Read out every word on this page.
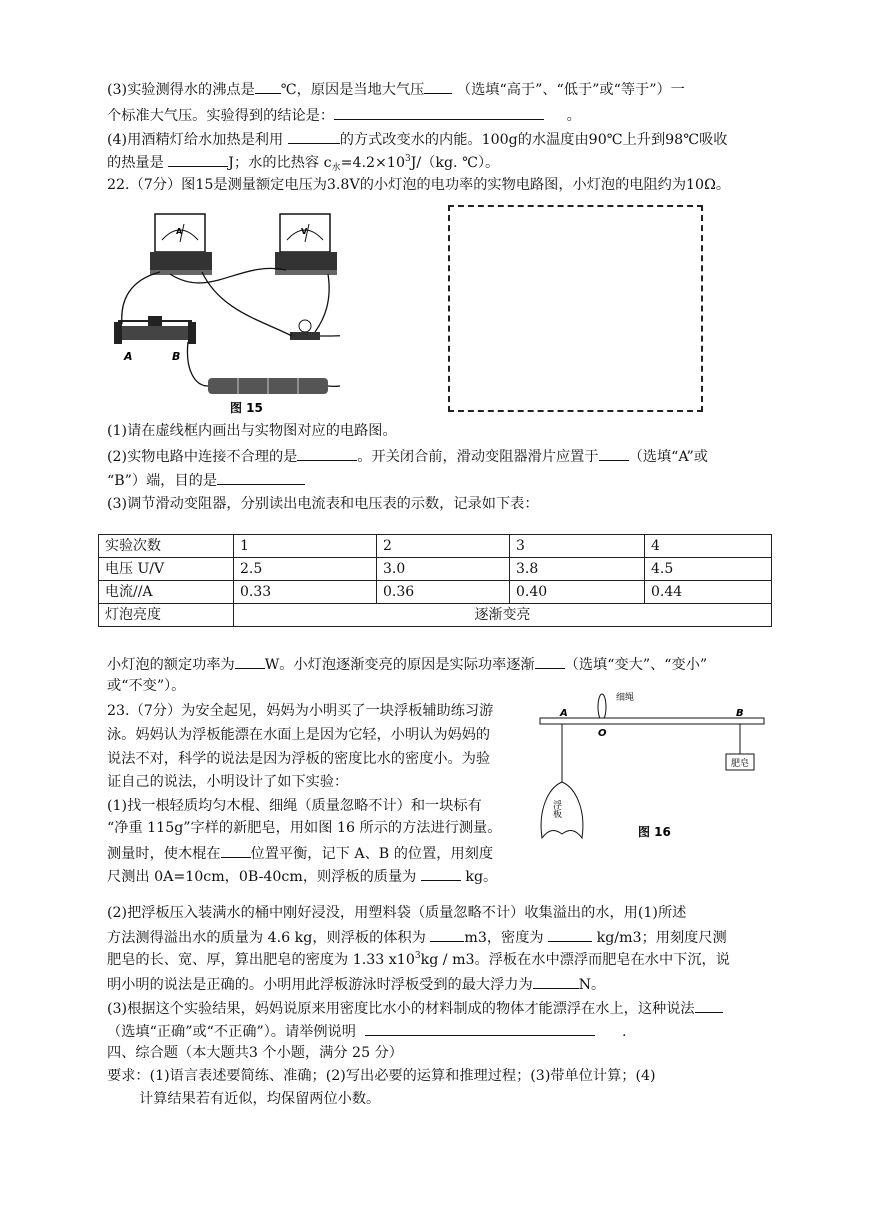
(3)实验测得水的沸点是 ℃，原因是当地大气压 （选填“高于”、“低于”或“等于”）一
个标准大气压。实验得到的结论是：	。
(4)用酒精灯给水加热是利用	的方式改变水的内能。100g的水温度由90℃上升到98℃吸收
的热量是	J；水的比热容 $c_水=4.2\times 10^3J/(kg$. ℃）。
22.（7分）图15是测量额定电压为3.8V的小灯泡的电功率的实物电路图，小灯泡的电阻约为10Ω。
A	V
A	B
图 15
(1)请在虚线框内画出与实物图对应的电路图。
(2)实物电路中连接不合理的是	。开关闭合前，滑动变阻器滑片应置于 （选填“A”或
“B”）端，目的是
(3)调节滑动变阻器，分别读出电流表和电压表的示数，记录如下表：
实验次数	1	2	3	4
电压 U/V	2.5	3.0	3.8	4.5
电流//A	0.33	0.36	0.40	0.44
灯泡亮度	逐渐变亮			
小灯泡的额定功率为 W。小灯泡逐渐变亮的原因是实际功率逐渐 （选填“变大”、“变小”
或“不变”）。
23.（7分）为安全起见，妈妈为小明买了一块浮板辅助练习游
泳。妈妈认为浮板能漂在水面上是因为它轻，小明认为妈妈的
说法不对，科学的说法是因为浮板的密度比水的密度小。为验
证自己的说法，小明设计了如下实验：
(1)找一根轻质均匀木棍、细绳（质量忽略不计）和一块标有
“净重 115g”字样的新肥皂，用如图 16 所示的方法进行测量。
测量时，使木棍在 位置平衡，记下 A、B 的位置，用刻度
尺测出 0A=10cm，0B-40cm，则浮板的质量为	kg。
细绳
A
O
B
肥皂
浮板
图 16
(2)把浮板压入装满水的桶中刚好浸没，用塑料袋（质量忽略不计）收集溢出的水，用(1)所述
方法测得溢出水的质量为 4.6 kg，则浮板的体积为	m3，密度为	kg/m3；用刻度尺测
肥皂的长、宽、厚，算出肥皂的密度为 1.33 $x10^3kg / m3$。浮板在水中漂浮而肥皂在水中下沉，说
明小明的说法是正确的。小明用此浮板游泳时浮板受到的最大浮力为	N。
(3)根据这个实验结果，妈妈说原来用密度比水小的材料制成的物体才能漂浮在水上，这种说法
（选填“正确”或“不正确”）。请举例说明	.
四、综合题（本大题共3 个小题，满分 25 分）
要求：(1)语言表述要简练、准确；(2)写出必要的运算和推理过程；(3)带单位计算；(4)
计算结果若有近似，均保留两位小数。
